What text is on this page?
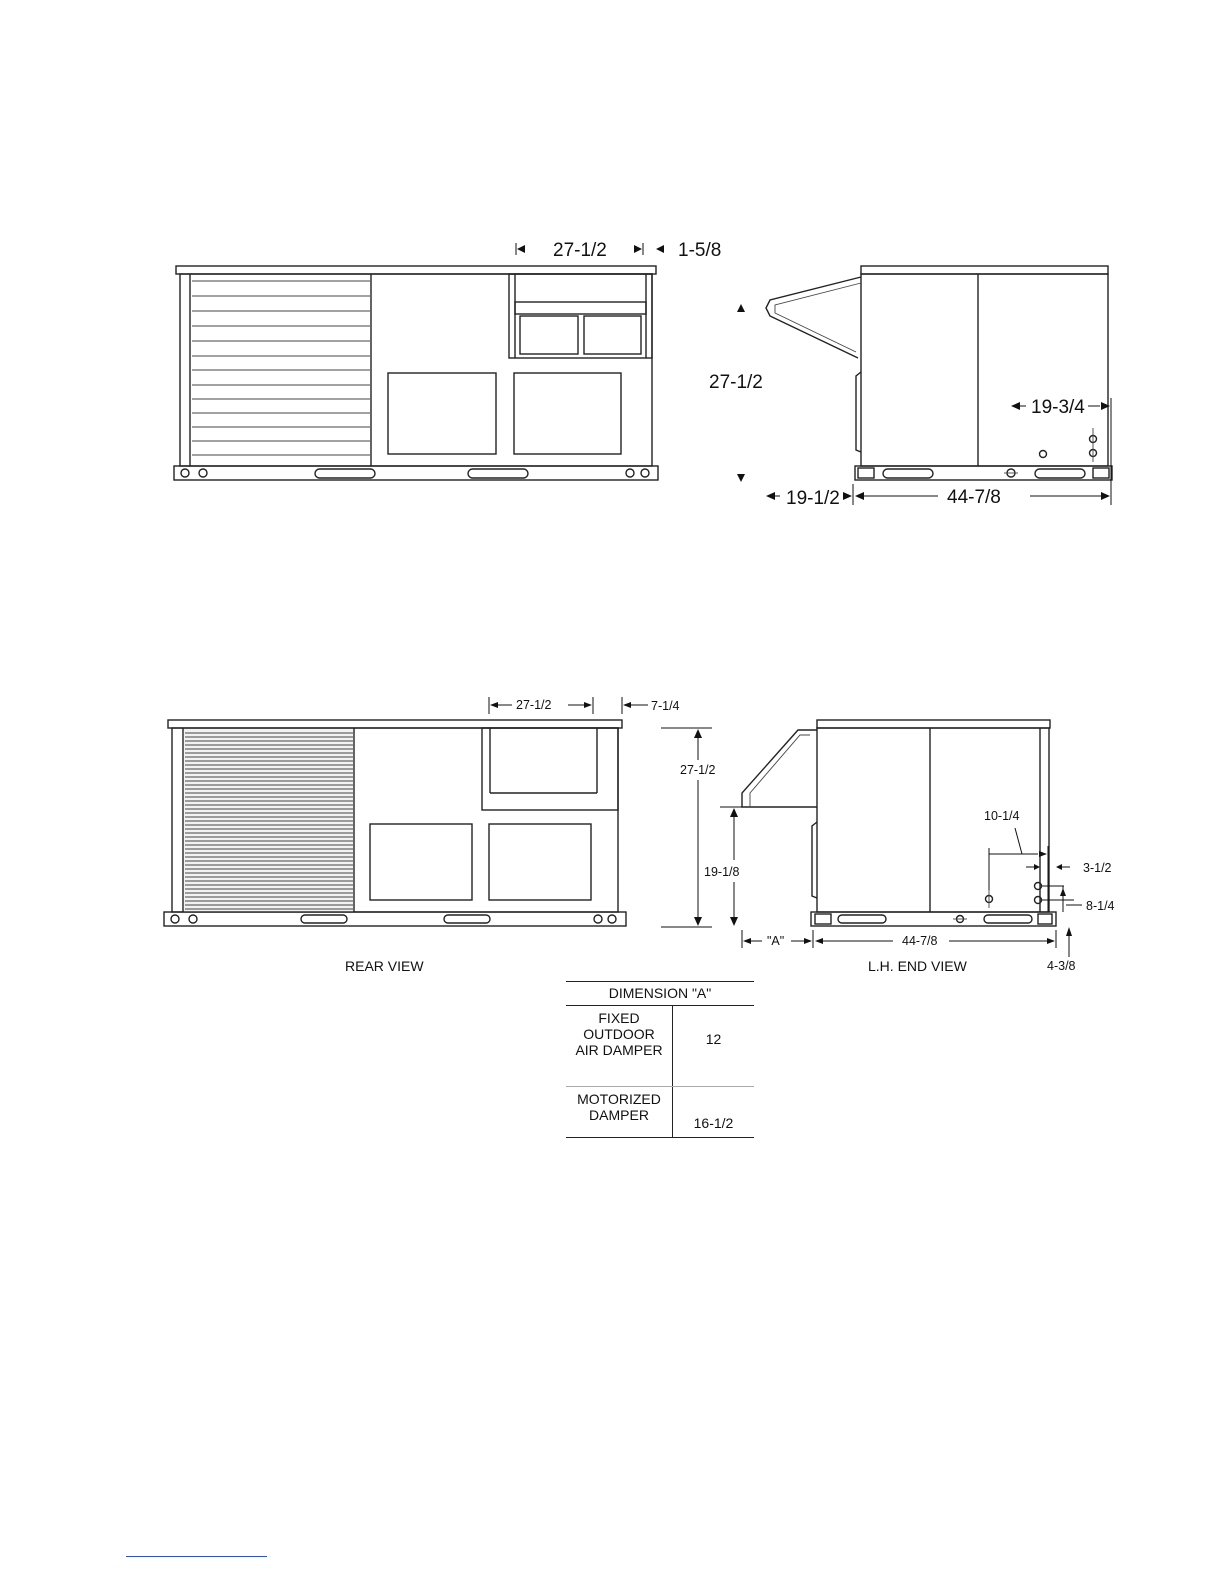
27-1/2	1-5/8
27-1/2
19-3/4
19-1/2	44-7/8
27-1/2	7-1/4
REAR VIEW
27-1/2
19-1/8
"A"	44-7/8
10-1/4
3-1/2
8-1/4
4-3/8
L.H. END VIEW
DIMENSION "A"	

FIXED
OUTDOOR
AIR DAMPER	12

MOTORIZED
DAMPER	16-1/2
